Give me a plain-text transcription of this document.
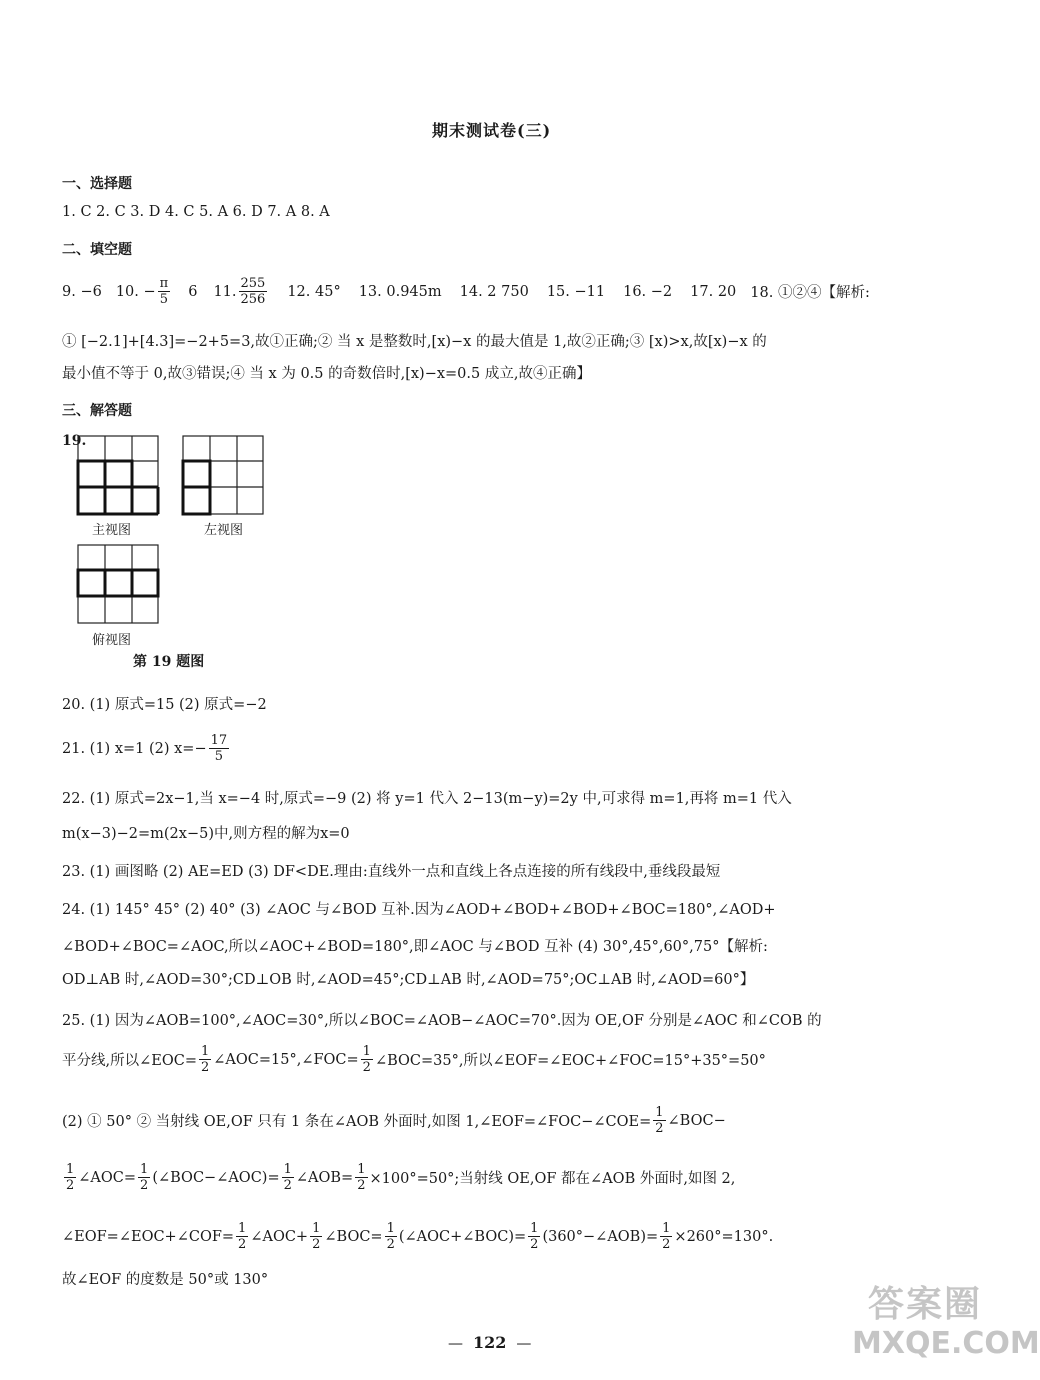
期末测试卷(三)
一、选择题
1. C 2. C 3. D 4. C 5. A 6. D 7. A 8. A
二、填空题
9. −6 10. − $\frac{\pi}{5} 6$ 11. $\frac{255}{256} 12$. 45° 13. 0.945m 14. 2 750 15. −11 16. −2 17. 20 18. ①②④【解析:
① [−2.1]+[4.3]=−2+5=3,故①正确;② 当 x 是整数时,[x)−x 的最大值是 1,故②正确;③ [x)>x,故[x)−x 的
最小值不等于 0,故③错误;④ 当 x 为 0.5 的奇数倍时,[x)−x=0.5 成立,故④正确】
三、解答题
19.
主视图	左视图
俯视图
第 19 题图
20. (1) 原式=15 (2) 原式=−2
21. (1) x=1 (2) $x=- \frac{17}{5}$
22. (1) 原式=2x−1,当 x=−4 时,原式=−9 (2) 将 y=1 代入 2−13(m−y)=2y 中,可求得 m=1,再将 m=1 代入
m(x−3)−2=m(2x−5)中,则方程的解为x=0
23. (1) 画图略 (2) AE=ED (3) DF<DE.理由:直线外一点和直线上各点连接的所有线段中,垂线段最短
24. (1) 145° 45° (2) 40° (3) ∠AOC 与∠BOD 互补.因为∠AOD+∠BOD+∠BOD+∠BOC=180°,∠AOD+
∠BOD+∠BOC=∠AOC,所以∠AOC+∠BOD=180°,即∠AOC 与∠BOD 互补 (4) 30°,45°,60°,75°【解析:
OD⊥AB 时,∠AOD=30°;CD⊥OB 时,∠AOD=45°;CD⊥AB 时,∠AOD=75°;OC⊥AB 时,∠AOD=60°】
25. (1) 因为∠AOB=100°,∠AOC=30°,所以∠BOC=∠AOB−∠AOC=70°.因为 OE,OF 分别是∠AOC 和∠COB 的
平分线,所以∠EOC= $\frac{1}{2}$ ∠AOC=15°,∠FOC= $\frac{1}{2}$ ∠BOC=35°,所以∠EOF=∠EOC+∠FOC=15°+35°=50°
(2) ① 50° ② 当射线 OE,OF 只有 1 条在∠AOB 外面时,如图 1,∠EOF=∠FOC−∠COE= $\frac{1}{2}$ ∠BOC−
$\frac{1}{2}$ ∠AOC= $\frac{1}{2}$ (∠BOC−∠AOC)= $\frac{1}{2}$ ∠AOB= $\frac{1}{2} \times 100^\circ=50^\circ$;当射线 OE,OF 都在∠AOB 外面时,如图 2,
∠EOF=∠EOC+∠COF= $\frac{1}{2}$ ∠AOC+ $\frac{1}{2}$ ∠BOC= $\frac{1}{2}$ (∠AOC+∠BOC)= $\frac{1}{2}$ (360°−∠AOB)= $\frac{1}{2} \times 260^\circ=130^\circ$.
故∠EOF 的度数是 50°或 130°
— 122 —
答案圈
MXQE.COM
